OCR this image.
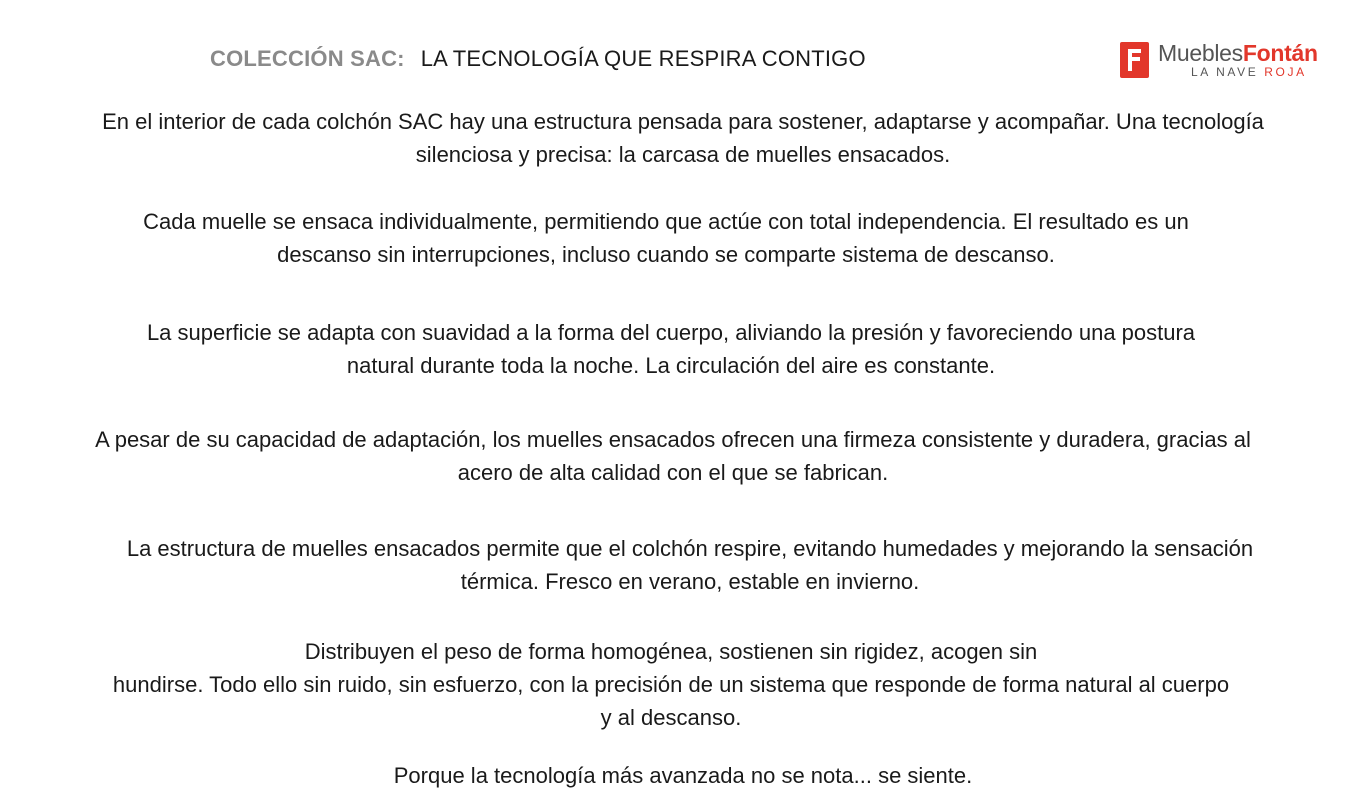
COLECCIÓN SAC: LA TECNOLOGÍA QUE RESPIRA CONTIGO	MueblesFontán
LA NAVE ROJA

En el interior de cada colchón SAC hay una estructura pensada para sostener, adaptarse y acompañar. Una tecnología
silenciosa y precisa: la carcasa de muelles ensacados.

Cada muelle se ensaca individualmente, permitiendo que actúe con total independencia. El resultado es un
descanso sin interrupciones, incluso cuando se comparte sistema de descanso.

La superficie se adapta con suavidad a la forma del cuerpo, aliviando la presión y favoreciendo una postura
natural durante toda la noche. La circulación del aire es constante.

A pesar de su capacidad de adaptación, los muelles ensacados ofrecen una firmeza consistente y duradera, gracias al
acero de alta calidad con el que se fabrican.

La estructura de muelles ensacados permite que el colchón respire, evitando humedades y mejorando la sensación
térmica. Fresco en verano, estable en invierno.

Distribuyen el peso de forma homogénea, sostienen sin rigidez, acogen sin
hundirse. Todo ello sin ruido, sin esfuerzo, con la precisión de un sistema que responde de forma natural al cuerpo
y al descanso.

Porque la tecnología más avanzada no se nota... se siente.
